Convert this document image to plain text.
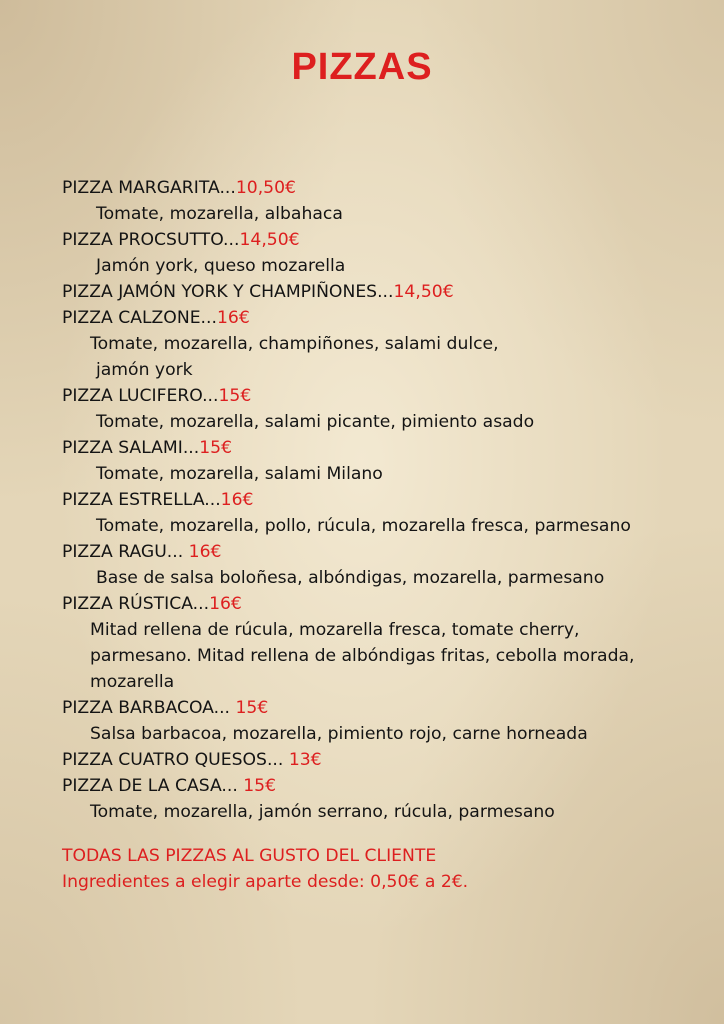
PIZZAS
PIZZA MARGARITA...10,50€
Tomate, mozarella, albahaca
PIZZA PROCSUTTO...14,50€
Jamón york, queso mozarella
PIZZA JAMÓN YORK Y CHAMPIÑONES...14,50€
PIZZA CALZONE...16€
Tomate, mozarella, champiñones, salami dulce,
jamón york
PIZZA LUCIFERO...15€
Tomate, mozarella, salami picante, pimiento asado
PIZZA SALAMI...15€
Tomate, mozarella, salami Milano
PIZZA ESTRELLA...16€
Tomate, mozarella, pollo, rúcula, mozarella fresca, parmesano
PIZZA RAGU... 16€
Base de salsa boloñesa, albóndigas, mozarella, parmesano
PIZZA RÚSTICA...16€
Mitad rellena de rúcula, mozarella fresca, tomate cherry,
parmesano. Mitad rellena de albóndigas fritas, cebolla morada,
mozarella
PIZZA BARBACOA... 15€
Salsa barbacoa, mozarella, pimiento rojo, carne horneada
PIZZA CUATRO QUESOS... 13€
PIZZA DE LA CASA... 15€
Tomate, mozarella, jamón serrano, rúcula, parmesano
TODAS LAS PIZZAS AL GUSTO DEL CLIENTE
Ingredientes a elegir aparte desde: 0,50€ a 2€.
